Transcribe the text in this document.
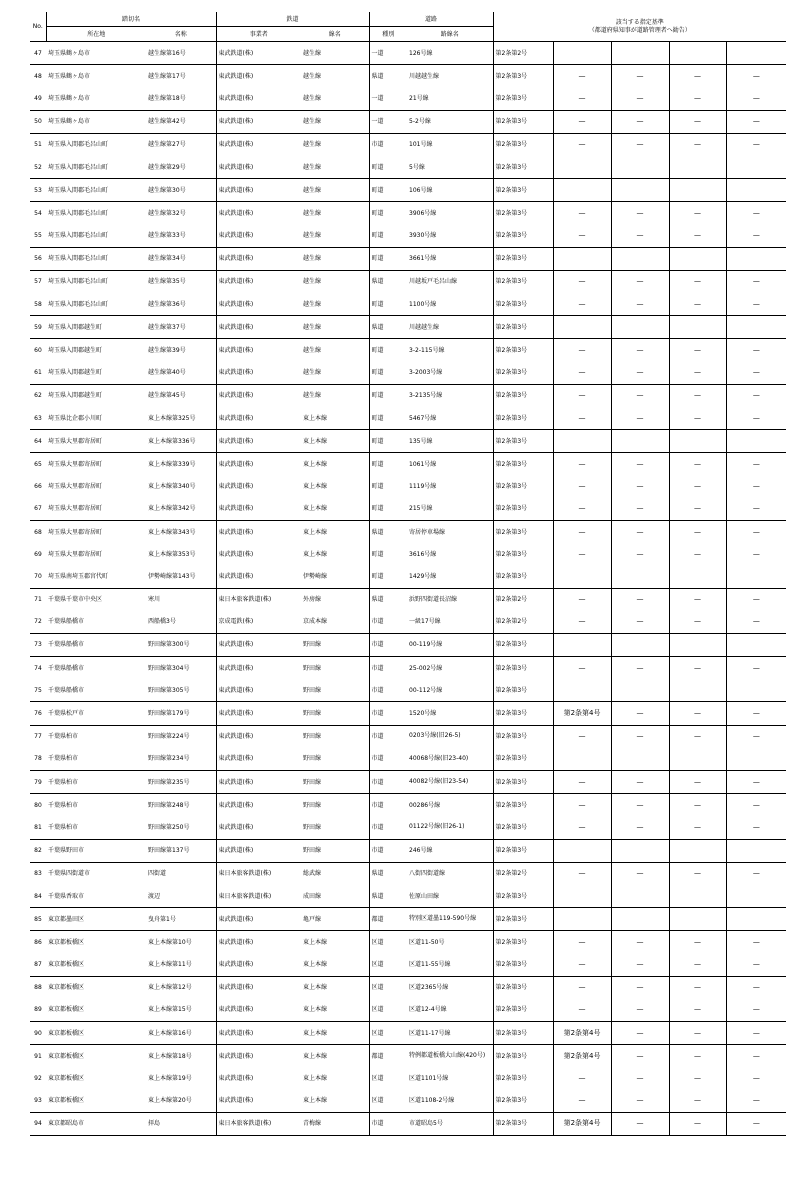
No.	踏切名		鉄道		道路		該当する指定基準
（都道府県知事が道路管理者へ勧告）				
	所在地	名称	事業者	線名	種別	路線名					
47	埼玉県鶴ヶ島市	越生線第16号	東武鉄道(株)	越生線	一道	126号線	第2条第2号				
48	埼玉県鶴ヶ島市	越生線第17号	東武鉄道(株)	越生線	県道	川越越生線	第2条第3号	—	—	—	—
49	埼玉県鶴ヶ島市	越生線第18号	東武鉄道(株)	越生線	一道	21号線	第2条第3号	—	—	—	—
50	埼玉県鶴ヶ島市	越生線第42号	東武鉄道(株)	越生線	一道	5-2号線	第2条第3号	—	—	—	—
51	埼玉県入間郡毛呂山町	越生線第27号	東武鉄道(株)	越生線	市道	101号線	第2条第3号	—	—	—	—
52	埼玉県入間郡毛呂山町	越生線第29号	東武鉄道(株)	越生線	町道	5号線	第2条第3号				
53	埼玉県入間郡毛呂山町	越生線第30号	東武鉄道(株)	越生線	町道	106号線	第2条第3号				
54	埼玉県入間郡毛呂山町	越生線第32号	東武鉄道(株)	越生線	町道	3906号線	第2条第3号	—	—	—	—
55	埼玉県入間郡毛呂山町	越生線第33号	東武鉄道(株)	越生線	町道	3930号線	第2条第3号	—	—	—	—
56	埼玉県入間郡毛呂山町	越生線第34号	東武鉄道(株)	越生線	町道	3661号線	第2条第3号				
57	埼玉県入間郡毛呂山町	越生線第35号	東武鉄道(株)	越生線	県道	川越坂戸毛呂山線	第2条第3号	—	—	—	—
58	埼玉県入間郡毛呂山町	越生線第36号	東武鉄道(株)	越生線	町道	1100号線	第2条第3号	—	—	—	—
59	埼玉県入間郡越生町	越生線第37号	東武鉄道(株)	越生線	県道	川越越生線	第2条第3号				
60	埼玉県入間郡越生町	越生線第39号	東武鉄道(株)	越生線	町道	3-2-115号線	第2条第3号	—	—	—	—
61	埼玉県入間郡越生町	越生線第40号	東武鉄道(株)	越生線	町道	3-2003号線	第2条第3号	—	—	—	—
62	埼玉県入間郡越生町	越生線第45号	東武鉄道(株)	越生線	町道	3-2135号線	第2条第3号	—	—	—	—
63	埼玉県比企郡小川町	東上本線第325号	東武鉄道(株)	東上本線	町道	5467号線	第2条第3号	—	—	—	—
64	埼玉県大里郡寄居町	東上本線第336号	東武鉄道(株)	東上本線	町道	135号線	第2条第3号				
65	埼玉県大里郡寄居町	東上本線第339号	東武鉄道(株)	東上本線	町道	1061号線	第2条第3号	—	—	—	—
66	埼玉県大里郡寄居町	東上本線第340号	東武鉄道(株)	東上本線	町道	1119号線	第2条第3号	—	—	—	—
67	埼玉県大里郡寄居町	東上本線第342号	東武鉄道(株)	東上本線	町道	215号線	第2条第3号	—	—	—	—
68	埼玉県大里郡寄居町	東上本線第343号	東武鉄道(株)	東上本線	県道	寄居停車場線	第2条第3号	—	—	—	—
69	埼玉県大里郡寄居町	東上本線第353号	東武鉄道(株)	東上本線	町道	3616号線	第2条第3号	—	—	—	—
70	埼玉県南埼玉郡宮代町	伊勢崎線第143号	東武鉄道(株)	伊勢崎線	町道	1429号線	第2条第3号				
71	千葉県千葉市中央区	寒川	東日本旅客鉄道(株)	外房線	県道	浜野四街道長沼線	第2条第2号	—	—	—	—
72	千葉県船橋市	西船橋3号	京成電鉄(株)	京成本線	市道	一級17号線	第2条第2号	—	—	—	—
73	千葉県船橋市	野田線第300号	東武鉄道(株)	野田線	市道	00-119号線	第2条第3号				
74	千葉県船橋市	野田線第304号	東武鉄道(株)	野田線	市道	25-002号線	第2条第3号	—	—	—	—
75	千葉県船橋市	野田線第305号	東武鉄道(株)	野田線	市道	00-112号線	第2条第3号				
76	千葉県松戸市	野田線第179号	東武鉄道(株)	野田線	市道	1520号線	第2条第3号	第2条第4号	—	—	—
77	千葉県柏市	野田線第224号	東武鉄道(株)	野田線	市道	0203号線(旧26-5)	第2条第3号	—	—	—	—
78	千葉県柏市	野田線第234号	東武鉄道(株)	野田線	市道	40068号線(旧23-40)	第2条第3号				
79	千葉県柏市	野田線第235号	東武鉄道(株)	野田線	市道	40082号線(旧23-54)	第2条第3号	—	—	—	—
80	千葉県柏市	野田線第248号	東武鉄道(株)	野田線	市道	00286号線	第2条第3号	—	—	—	—
81	千葉県柏市	野田線第250号	東武鉄道(株)	野田線	市道	01122号線(旧26-1)	第2条第3号	—	—	—	—
82	千葉県野田市	野田線第137号	東武鉄道(株)	野田線	市道	246号線	第2条第3号				
83	千葉県四街道市	四街道	東日本旅客鉄道(株)	総武線	県道	八街四街道線	第2条第2号	—	—	—	—
84	千葉県香取市	渡辺	東日本旅客鉄道(株)	成田線	県道	佐原山田線	第2条第3号				
85	東京都墨田区	曳舟第1号	東武鉄道(株)	亀戸線	都道	特別区道墨119-590号線	第2条第3号				
86	東京都板橋区	東上本線第10号	東武鉄道(株)	東上本線	区道	区道11-50号	第2条第3号	—	—	—	—
87	東京都板橋区	東上本線第11号	東武鉄道(株)	東上本線	区道	区道11-55号線	第2条第3号	—	—	—	—
88	東京都板橋区	東上本線第12号	東武鉄道(株)	東上本線	区道	区道2365号線	第2条第3号	—	—	—	—
89	東京都板橋区	東上本線第15号	東武鉄道(株)	東上本線	区道	区道12-4号線	第2条第3号	—	—	—	—
90	東京都板橋区	東上本線第16号	東武鉄道(株)	東上本線	区道	区道11-17号線	第2条第3号	第2条第4号	—	—	—
91	東京都板橋区	東上本線第18号	東武鉄道(株)	東上本線	都道	特例都道板橋大山線(420号)	第2条第3号	第2条第4号	—	—	—
92	東京都板橋区	東上本線第19号	東武鉄道(株)	東上本線	区道	区道1101号線	第2条第3号	—	—	—	—
93	東京都板橋区	東上本線第20号	東武鉄道(株)	東上本線	区道	区道1108-2号線	第2条第3号	—	—	—	—
94	東京都昭島市	拝島	東日本旅客鉄道(株)	青梅線	市道	市道昭島5号	第2条第3号	第2条第4号	—	—	—
